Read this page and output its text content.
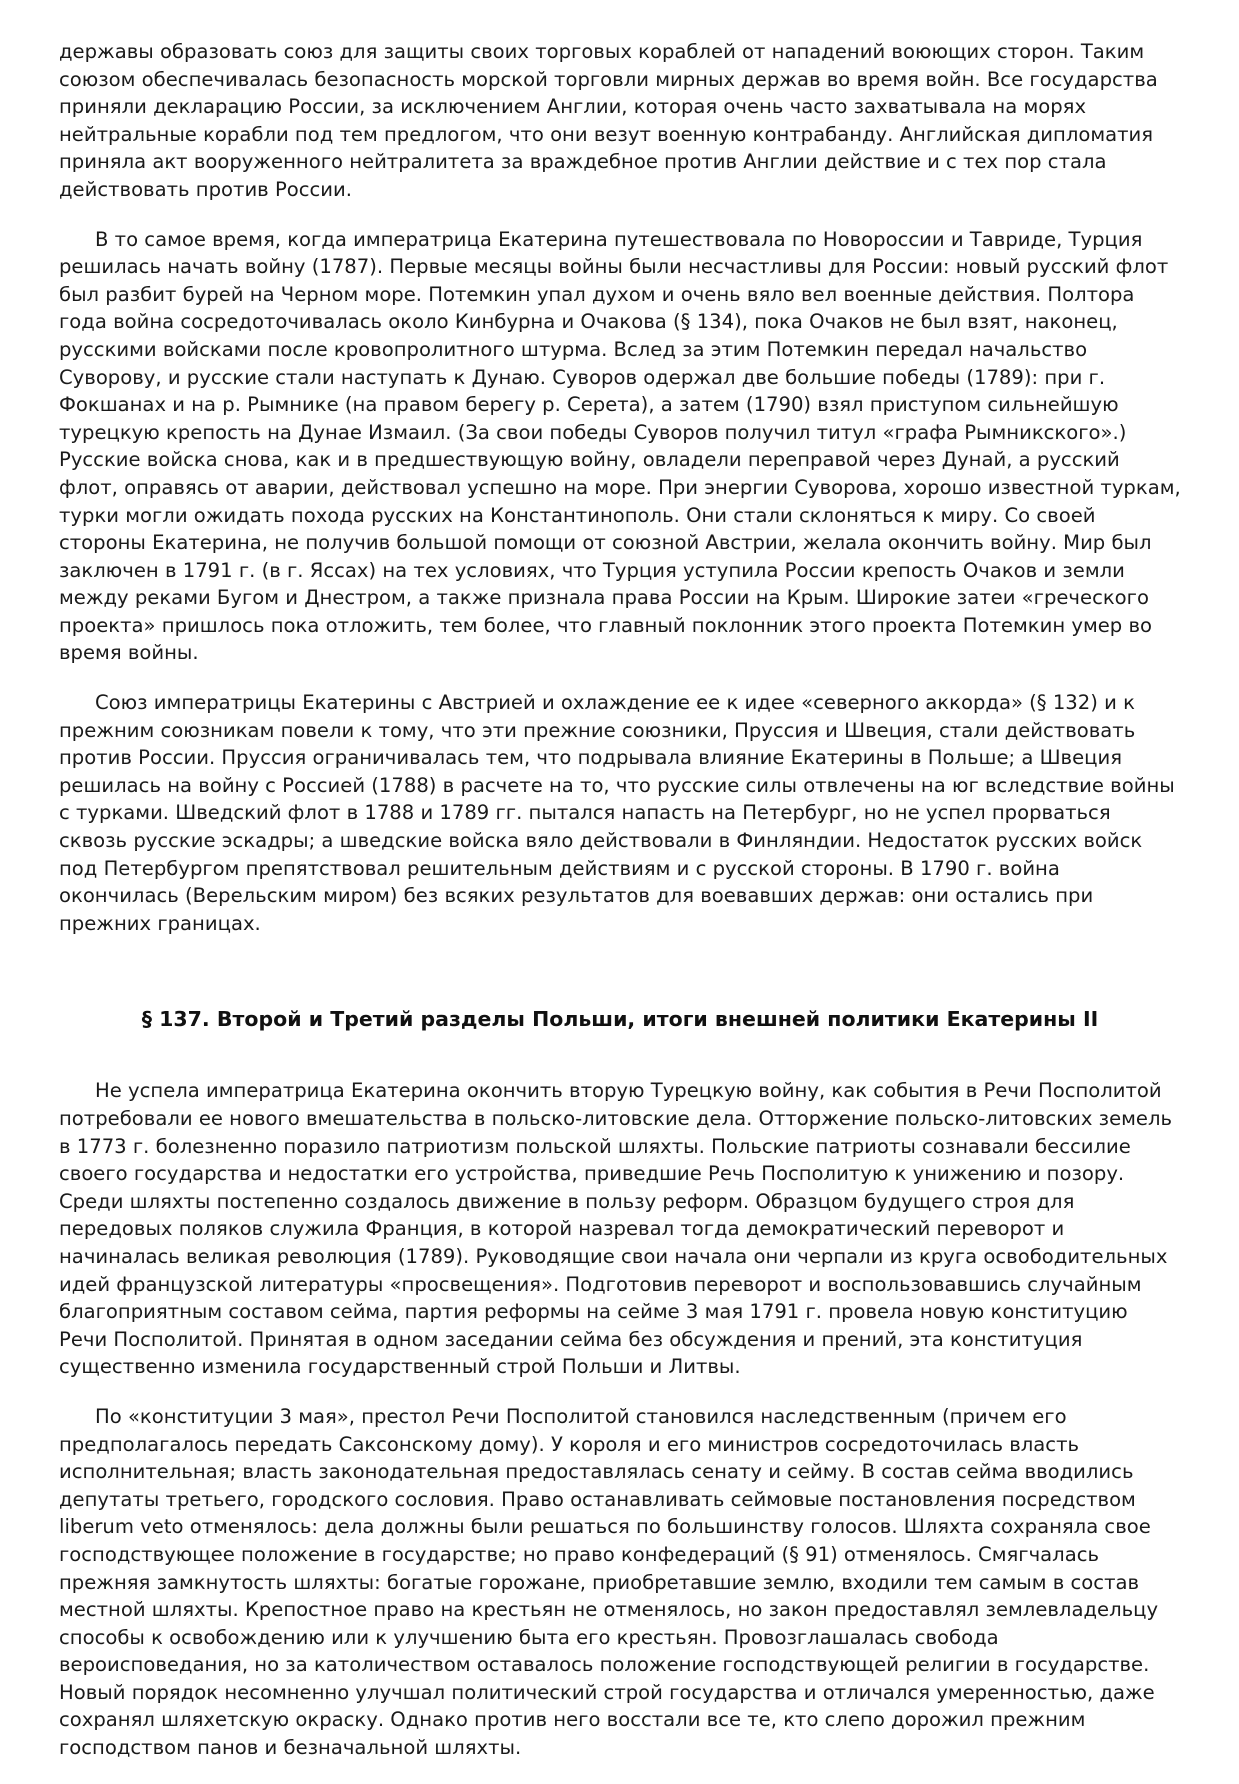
державы образовать союз для защиты своих торговых кораблей от нападений воюющих сторон. Таким союзом обеспечивалась безопасность морской торговли мирных держав во время войн. Все государства приняли декларацию России, за исключением Англии, которая очень часто захватывала на морях нейтральные корабли под тем предлогом, что они везут военную контрабанду. Английская дипломатия приняла акт вооруженного нейтралитета за враждебное против Англии действие и с тех пор стала действовать против России.

В то самое время, когда императрица Екатерина путешествовала по Новороссии и Тавриде, Турция решилась начать войну (1787). Первые месяцы войны были несчастливы для России: новый русский флот был разбит бурей на Черном море. Потемкин упал духом и очень вяло вел военные действия. Полтора года война сосредоточивалась около Кинбурна и Очакова (§ 134), пока Очаков не был взят, наконец, русскими войсками после кровопролитного штурма. Вслед за этим Потемкин передал начальство Суворову, и русские стали наступать к Дунаю. Суворов одержал две большие победы (1789): при г. Фокшанах и на р. Рымнике (на правом берегу р. Серета), а затем (1790) взял приступом сильнейшую турецкую крепость на Дунае Измаил. (За свои победы Суворов получил титул «графа Рымникского».) Русские войска снова, как и в предшествующую войну, овладели переправой через Дунай, а русский флот, оправясь от аварии, действовал успешно на море. При энергии Суворова, хорошо известной туркам, турки могли ожидать похода русских на Константинополь. Они стали склоняться к миру. Со своей стороны Екатерина, не получив большой помощи от союзной Австрии, желала окончить войну. Мир был заключен в 1791 г. (в г. Яссах) на тех условиях, что Турция уступила России крепость Очаков и земли между реками Бугом и Днестром, а также признала права России на Крым. Широкие затеи «греческого проекта» пришлось пока отложить, тем более, что главный поклонник этого проекта Потемкин умер во время войны.

Союз императрицы Екатерины с Австрией и охлаждение ее к идее «северного аккорда» (§ 132) и к прежним союзникам повели к тому, что эти прежние союзники, Пруссия и Швеция, стали действовать против России. Пруссия ограничивалась тем, что подрывала влияние Екатерины в Польше; а Швеция решилась на войну с Россией (1788) в расчете на то, что русские силы отвлечены на юг вследствие войны с турками. Шведский флот в 1788 и 1789 гг. пытался напасть на Петербург, но не успел прорваться сквозь русские эскадры; а шведские войска вяло действовали в Финляндии. Недостаток русских войск под Петербургом препятствовал решительным действиям и с русской стороны. В 1790 г. война окончилась (Верельским миром) без всяких результатов для воевавших держав: они остались при прежних границах.

§ 137. Второй и Третий разделы Польши, итоги внешней политики Екатерины II

Не успела императрица Екатерина окончить вторую Турецкую войну, как события в Речи Посполитой потребовали ее нового вмешательства в польско-литовские дела. Отторжение польско-литовских земель в 1773 г. болезненно поразило патриотизм польской шляхты. Польские патриоты сознавали бессилие своего государства и недостатки его устройства, приведшие Речь Посполитую к унижению и позору. Среди шляхты постепенно создалось движение в пользу реформ. Образцом будущего строя для передовых поляков служила Франция, в которой назревал тогда демократический переворот и начиналась великая революция (1789). Руководящие свои начала они черпали из круга освободительных идей французской литературы «просвещения». Подготовив переворот и воспользовавшись случайным благоприятным составом сейма, партия реформы на сейме 3 мая 1791 г. провела новую конституцию Речи Посполитой. Принятая в одном заседании сейма без обсуждения и прений, эта конституция существенно изменила государственный строй Польши и Литвы.

По «конституции 3 мая», престол Речи Посполитой становился наследственным (причем его предполагалось передать Саксонскому дому). У короля и его министров сосредоточилась власть исполнительная; власть законодательная предоставлялась сенату и сейму. В состав сейма вводились депутаты третьего, городского сословия. Право останавливать сеймовые постановления посредством liberum veto отменялось: дела должны были решаться по большинству голосов. Шляхта сохраняла свое господствующее положение в государстве; но право конфедераций (§ 91) отменялось. Смягчалась прежняя замкнутость шляхты: богатые горожане, приобретавшие землю, входили тем самым в состав местной шляхты. Крепостное право на крестьян не отменялось, но закон предоставлял землевладельцу способы к освобождению или к улучшению быта его крестьян. Провозглашалась свобода вероисповедания, но за католичеством оставалось положение господствующей религии в государстве. Новый порядок несомненно улучшал политический строй государства и отличался умеренностью, даже сохранял шляхетскую окраску. Однако против него восстали все те, кто слепо дорожил прежним господством панов и безначальной шляхты.
